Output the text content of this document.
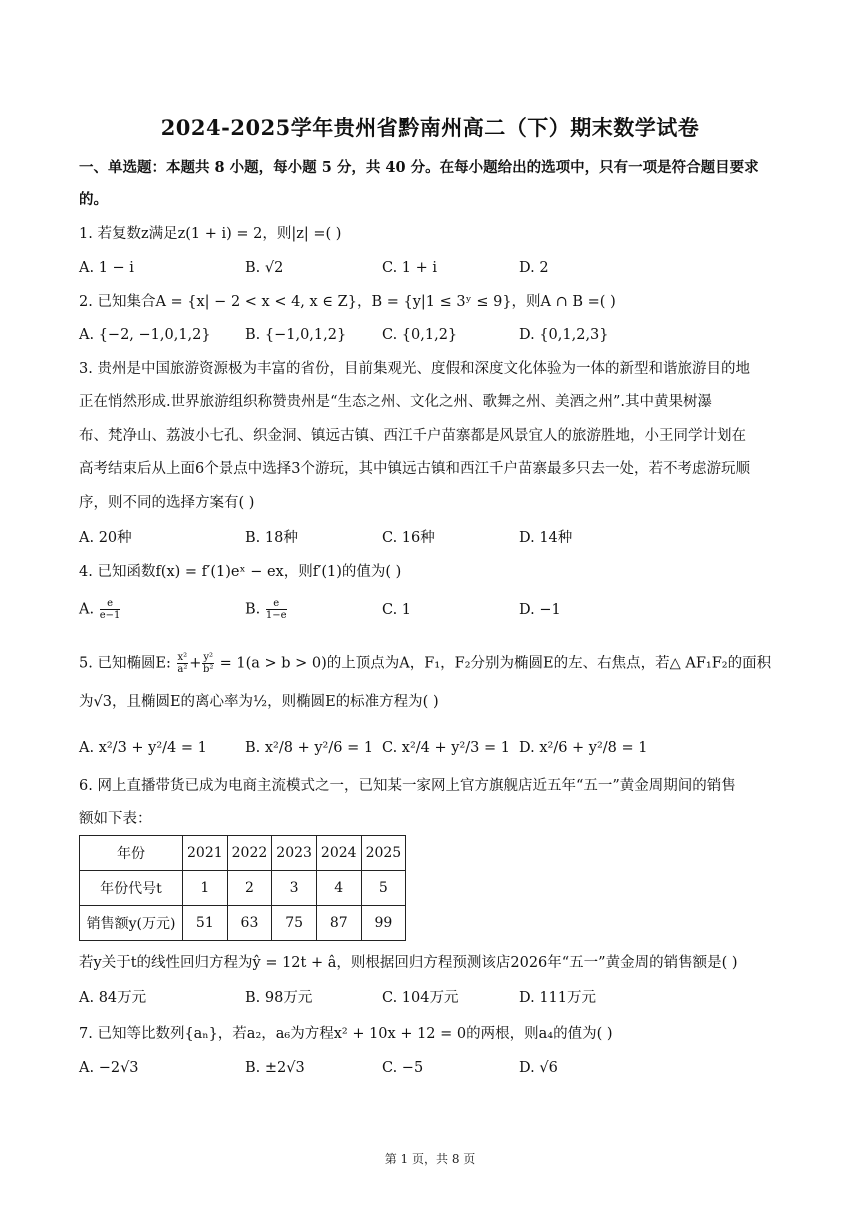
2024-2025学年贵州省黔南州高二（下）期末数学试卷
一、单选题：本题共 8 小题，每小题 5 分，共 40 分。在每小题给出的选项中，只有一项是符合题目要求
的。
1. 若复数z满足z(1 + i) = 2，则|z| =( )
A. 1 − i	B. √2	C. 1 + i	D. 2
2. 已知集合A = {x| − 2 < x < 4, x ∈ Z}，B = {y|1 ≤ 3ʸ ≤ 9}，则A ∩ B =( )
A. {−2, −1,0,1,2} B. {−1,0,1,2} C. {0,1,2}	D. {0,1,2,3}
3. 贵州是中国旅游资源极为丰富的省份，目前集观光、度假和深度文化体验为一体的新型和谐旅游目的地
正在悄然形成.世界旅游组织称赞贵州是“生态之州、文化之州、歌舞之州、美酒之州”.其中黄果树瀑
布、梵净山、荔波小七孔、织金洞、镇远古镇、西江千户苗寨都是风景宜人的旅游胜地，小王同学计划在
高考结束后从上面6个景点中选择3个游玩，其中镇远古镇和西江千户苗寨最多只去一处，若不考虑游玩顺
序，则不同的选择方案有( )
A. 20种	B. 18种	C. 16种	D. 14种
4. 已知函数f(x) = f′(1)eˣ − ex，则f′(1)的值为( )
A. $\frac{e}{e-1}$	B. $\frac{e}{1-e}$	C. 1	D. −1
5. 已知椭圆E: $\frac{\text{x²}}{\text{a²}} + \frac{\text{y²}}{\text{b²}} = 1(a > b > 0)$的上顶点为A，F₁，F₂分别为椭圆E的左、右焦点，若△ AF₁F₂的面积
为√3，且椭圆E的离心率为½，则椭圆E的标准方程为( )
A. x²/3 + y²/4 = 1	B. x²/8 + y²/6 = 1 C. x²/4 + y²/3 = 1 D. x²/6 + y²/8 = 1
6. 网上直播带货已成为电商主流模式之一，已知某一家网上官方旗舰店近五年“五一”黄金周期间的销售
额如下表：
年份	2021	2022	2023	2024	2025
年份代号t	1	2	3	4	5
销售额y(万元)	51	63	75	87	99
若y关于t的线性回归方程为ŷ = 12t + â，则根据回归方程预测该店2026年“五一”黄金周的销售额是( )
A. 84万元	B. 98万元	C. 104万元	D. 111万元
7. 已知等比数列{aₙ}，若a₂，a₆为方程x² + 10x + 12 = 0的两根，则a₄的值为( )
A. −2√3	B. ±2√3	C. −5	D. √6
第 1 页，共 8 页
